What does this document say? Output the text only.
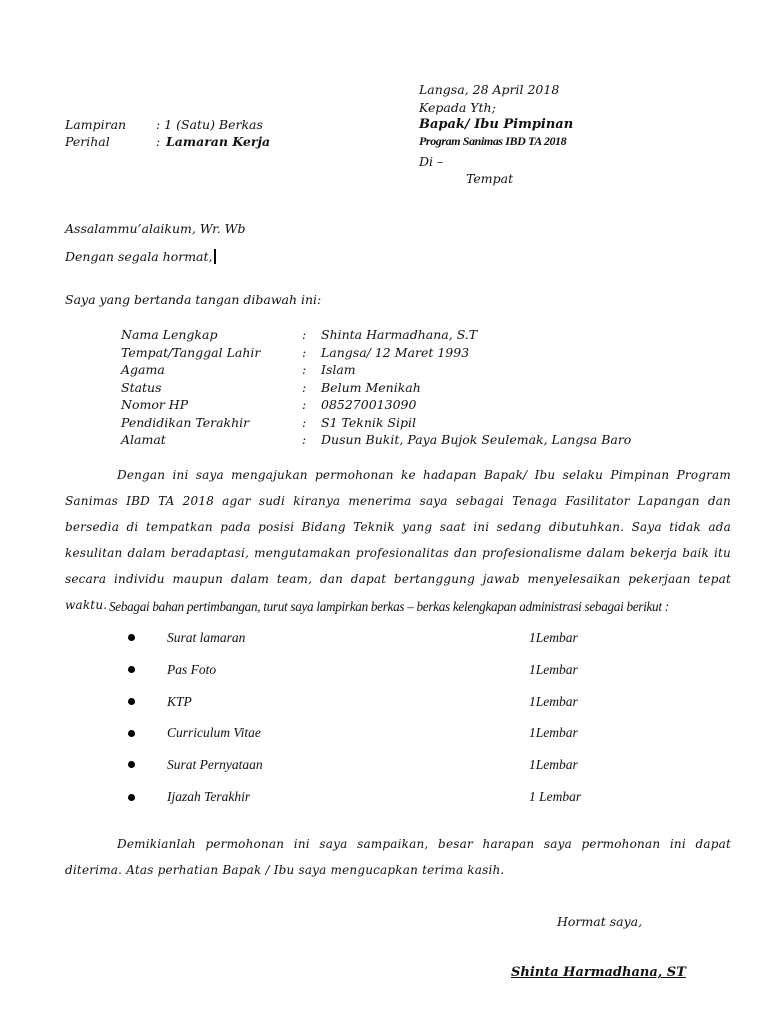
Langsa, 28 April 2018
Kepada Yth;
Bapak/ Ibu Pimpinan
Program Sanimas IBD TA 2018
Di –
Tempat
Lampiran : 1 (Satu) Berkas
Perihal	: Lamaran Kerja
Assalammu’alaikum, Wr. Wb
Dengan segala hormat,
Saya yang bertanda tangan dibawah ini:
Nama Lengkap	: Shinta Harmadhana, S.T
Tempat/Tanggal Lahir	: Langsa/ 12 Maret 1993
Agama	: Islam
Status	: Belum Menikah
Nomor HP	: 085270013090
Pendidikan Terakhir	: S1 Teknik Sipil
Alamat	: Dusun Bukit, Paya Bujok Seulemak, Langsa Baro
Dengan ini saya mengajukan permohonan ke hadapan Bapak/ Ibu selaku Pimpinan Program Sanimas IBD TA 2018 agar sudi kiranya menerima saya sebagai Tenaga Fasilitator Lapangan dan bersedia di tempatkan pada posisi Bidang Teknik yang saat ini sedang dibutuhkan. Saya tidak ada kesulitan dalam beradaptasi, mengutamakan profesionalitas dan profesionalisme dalam bekerja baik itu secara individu maupun dalam team, dan dapat bertanggung jawab menyelesaikan pekerjaan tepat waktu. Sebagai bahan pertimbangan, turut saya lampirkan berkas – berkas kelengkapan administrasi sebagai berikut :
Surat lamaran	1Lembar
Pas Foto	1Lembar
KTP	1Lembar
Curriculum Vitae	1Lembar
Surat Pernyataan	1Lembar
Ijazah Terakhir	1 Lembar
Demikianlah permohonan ini saya sampaikan, besar harapan saya permohonan ini dapat diterima. Atas perhatian Bapak / Ibu saya mengucapkan terima kasih.
Hormat saya,
Shinta Harmadhana, ST
